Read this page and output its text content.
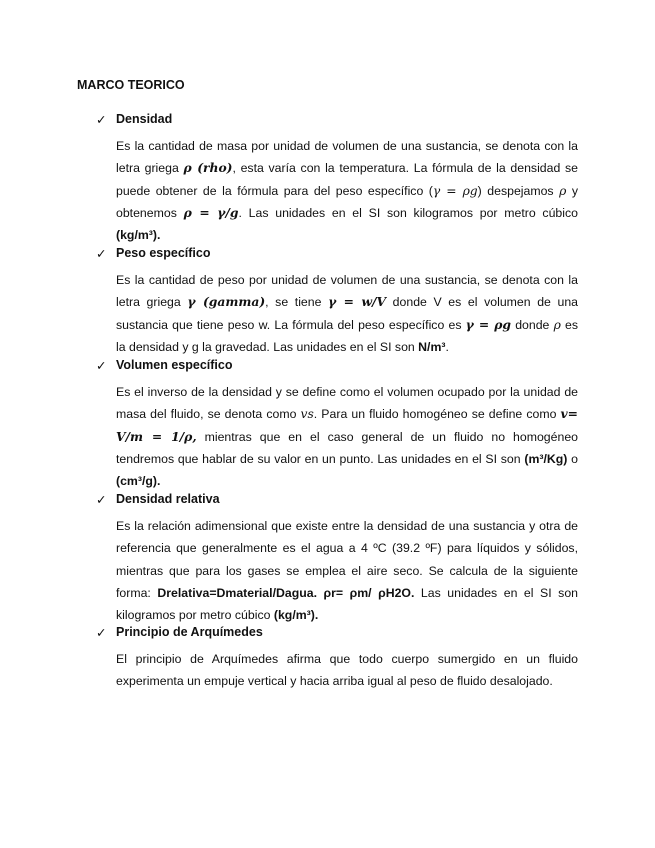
MARCO TEORICO
✓ Densidad
Es la cantidad de masa por unidad de volumen de una sustancia, se denota con la letra griega ρ (rho), esta varía con la temperatura. La fórmula de la densidad se puede obtener de la fórmula para del peso específico (γ = ρg) despejamos ρ y obtenemos ρ = γ/g. Las unidades en el SI son kilogramos por metro cúbico (kg/m³).
✓ Peso específico
Es la cantidad de peso por unidad de volumen de una sustancia, se denota con la letra griega γ (gamma), se tiene γ = w/V donde V es el volumen de una sustancia que tiene peso w. La fórmula del peso específico es γ = ρg donde ρ es la densidad y g la gravedad. Las unidades en el SI son N/m³.
✓ Volumen específico
Es el inverso de la densidad y se define como el volumen ocupado por la unidad de masa del fluido, se denota como vs. Para un fluido homogéneo se define como v= V/m = 1/ρ, mientras que en el caso general de un fluido no homogéneo tendremos que hablar de su valor en un punto. Las unidades en el SI son (m³/Kg) o (cm³/g).
✓ Densidad relativa
Es la relación adimensional que existe entre la densidad de una sustancia y otra de referencia que generalmente es el agua a 4 ºC (39.2 ºF) para líquidos y sólidos, mientras que para los gases se emplea el aire seco. Se calcula de la siguiente forma: Drelativa=Dmaterial/Dagua. ρr= ρm/ ρH2O. Las unidades en el SI son kilogramos por metro cúbico (kg/m³).
✓ Principio de Arquímedes
El principio de Arquímedes afirma que todo cuerpo sumergido en un fluido experimenta un empuje vertical y hacia arriba igual al peso de fluido desalojado.
